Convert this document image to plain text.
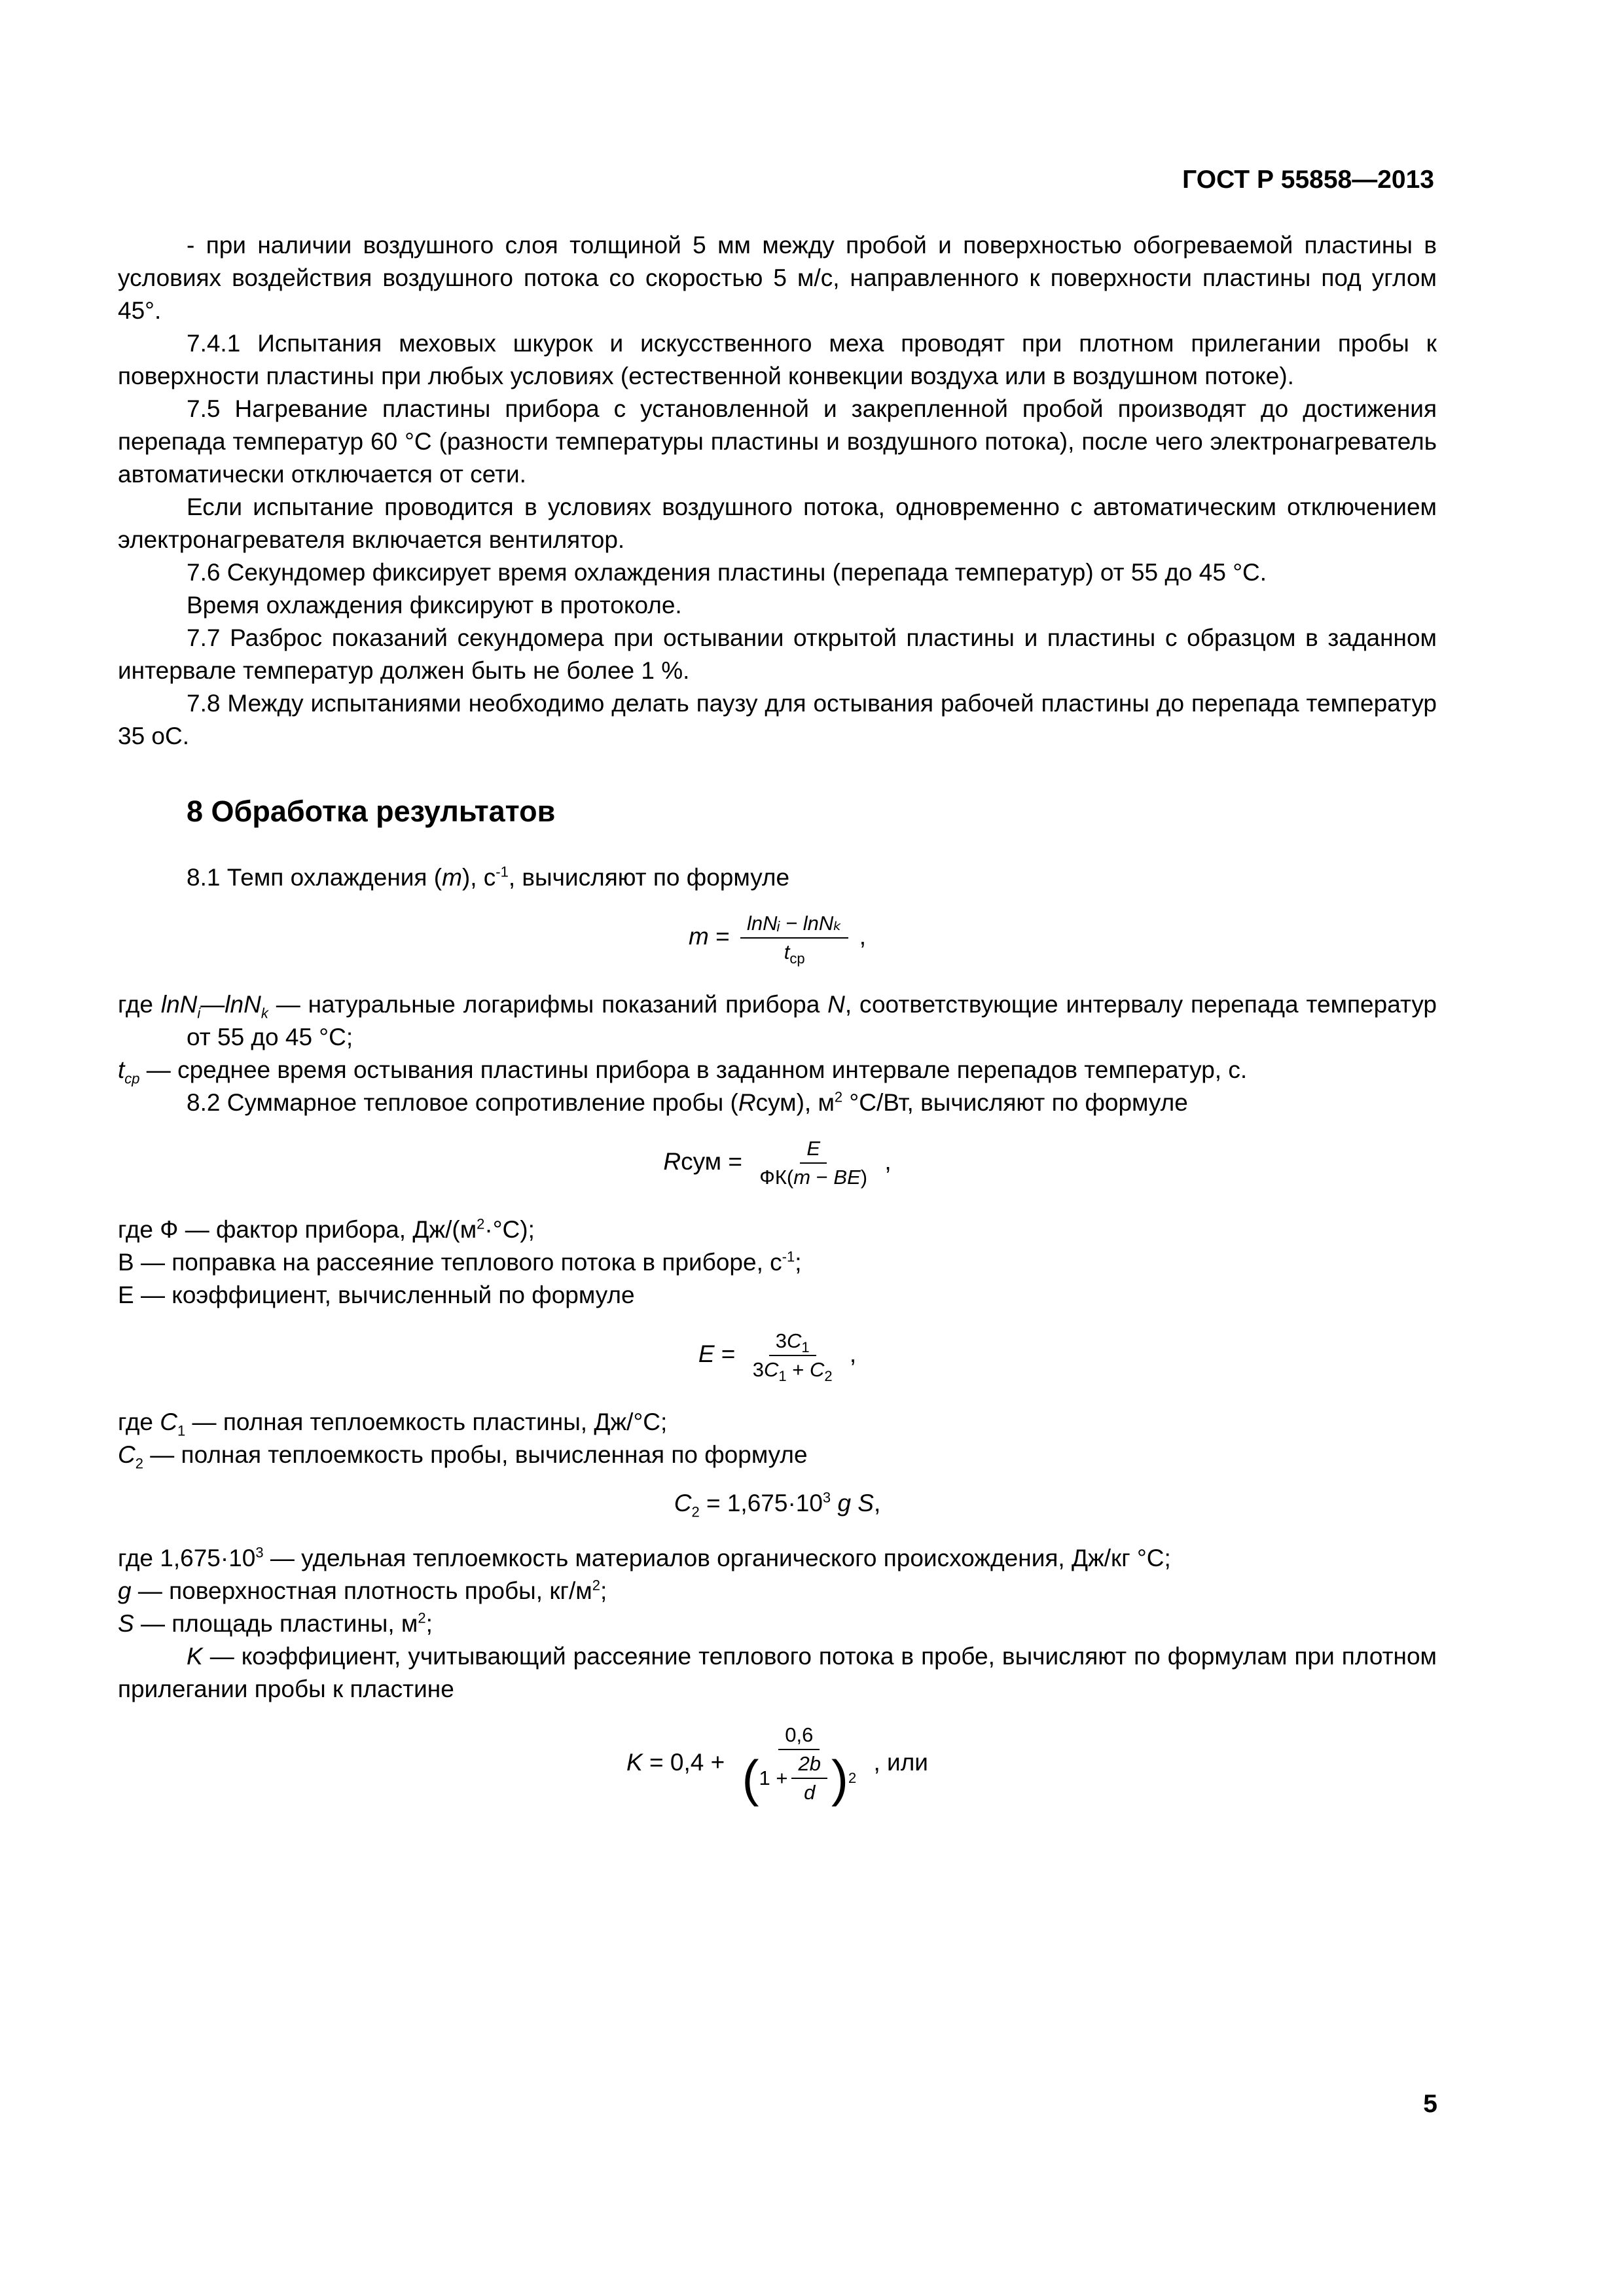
ГОСТ Р 55858—2013

- при наличии воздушного слоя толщиной 5 мм между пробой и поверхностью обогреваемой пластины в условиях воздействия воздушного потока со скоростью 5 м/с, направленного к поверхности пластины под углом 45°.

7.4.1 Испытания меховых шкурок и искусственного меха проводят при плотном прилегании пробы к поверхности пластины при любых условиях (естественной конвекции воздуха или в воздушном потоке).

7.5 Нагревание пластины прибора с установленной и закрепленной пробой производят до достижения перепада температур 60 °С (разности температуры пластины и воздушного потока), после чего электронагреватель автоматически отключается от сети.

Если испытание проводится в условиях воздушного потока, одновременно с автоматическим отключением электронагревателя включается вентилятор.

7.6 Секундомер фиксирует время охлаждения пластины (перепада температур) от 55 до 45 °С.

Время охлаждения фиксируют в протоколе.

7.7 Разброс показаний секундомера при остывании открытой пластины и пластины с образцом в заданном интервале температур должен быть не более 1 %.

7.8 Между испытаниями необходимо делать паузу для остывания рабочей пластины до перепада температур 35 оС.

8 Обработка результатов

8.1 Темп охлаждения (m), $с^{-1}$, вычисляют по формуле

$m = \frac{\text{lnNᵢ − lnNₖ}}{t_{ср}}$ ,

где lnN$_i$—lnN$_k$ — натуральные логарифмы показаний прибора N, соответствующие интервалу перепада температур от 55 до 45 °С;

$t_{ср}$ — среднее время остывания пластины прибора в заданном интервале перепадов температур, с.

8.2 Суммарное тепловое сопротивление пробы (Rсум), $м^2$ °С/Вт, вычисляют по формуле

Rсум = $\frac{E}{ФК(m - BE)}$ ,

где Ф — фактор прибора, $Дж/(м^2\cdot^\circ С)$;

В — поправка на рассеяние теплового потока в приборе, $с^{-1}$;

Е — коэффициент, вычисленный по формуле

$E = \frac{3C_1}{3C_1 + C_2}$ ,

где $С_1$ — полная теплоемкость пластины, Дж/°С;

$С_2$ — полная теплоемкость пробы, вычисленная по формуле

$C_2 = 1,675\cdot 10^3$ g S,

где $1,675\cdot 10^3$ — удельная теплоемкость материалов органического происхождения, Дж/кг °С;

g — поверхностная плотность пробы, $кг/м^2$;

S — площадь пластины, $м^2$;

K — коэффициент, учитывающий рассеяние теплового потока в пробе, вычисляют по формулам при плотном прилегании пробы к пластине

K = 0,4 +
0,6
( $1 + \frac{2b}{d}$ ) 2
, или
5
